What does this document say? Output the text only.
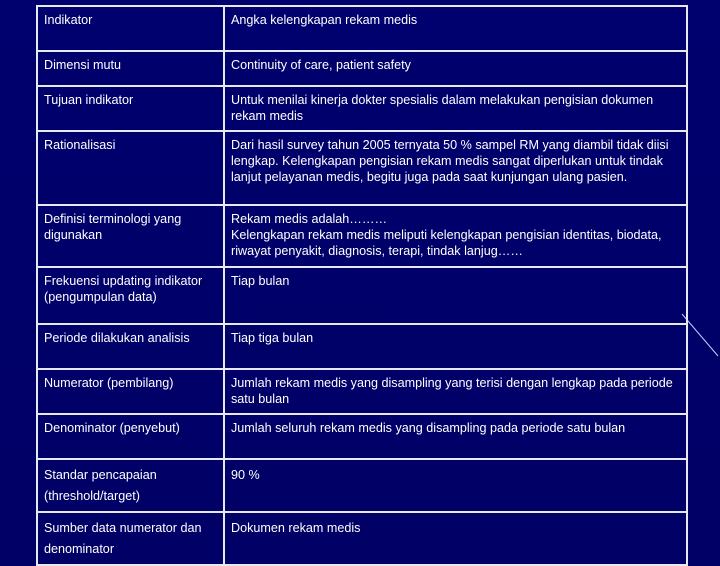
Indikator	Angka kelengkapan rekam medis
Dimensi mutu	Continuity of care, patient safety
Tujuan indikator	Untuk menilai kinerja dokter spesialis dalam melakukan pengisian dokumen rekam medis
Rationalisasi	Dari hasil survey tahun 2005 ternyata 50 % sampel RM yang diambil tidak diisi lengkap. Kelengkapan pengisian rekam medis sangat diperlukan untuk tindak lanjut pelayanan medis, begitu juga pada saat kunjungan ulang pasien.
Definisi terminologi yang digunakan	Rekam medis adalah………
Kelengkapan rekam medis meliputi kelengkapan pengisian identitas, biodata, riwayat penyakit, diagnosis, terapi, tindak lanjug……

Frekuensi updating indikator (pengumpulan data)	Tiap bulan
Periode dilakukan analisis	Tiap tiga bulan
Numerator (pembilang)	Jumlah rekam medis yang disampling yang terisi dengan lengkap pada periode satu bulan
Denominator (penyebut)	Jumlah seluruh rekam medis yang disampling pada periode satu bulan
Standar pencapaian (threshold/target)	90 %
Sumber data numerator dan denominator	Dokumen rekam medis
